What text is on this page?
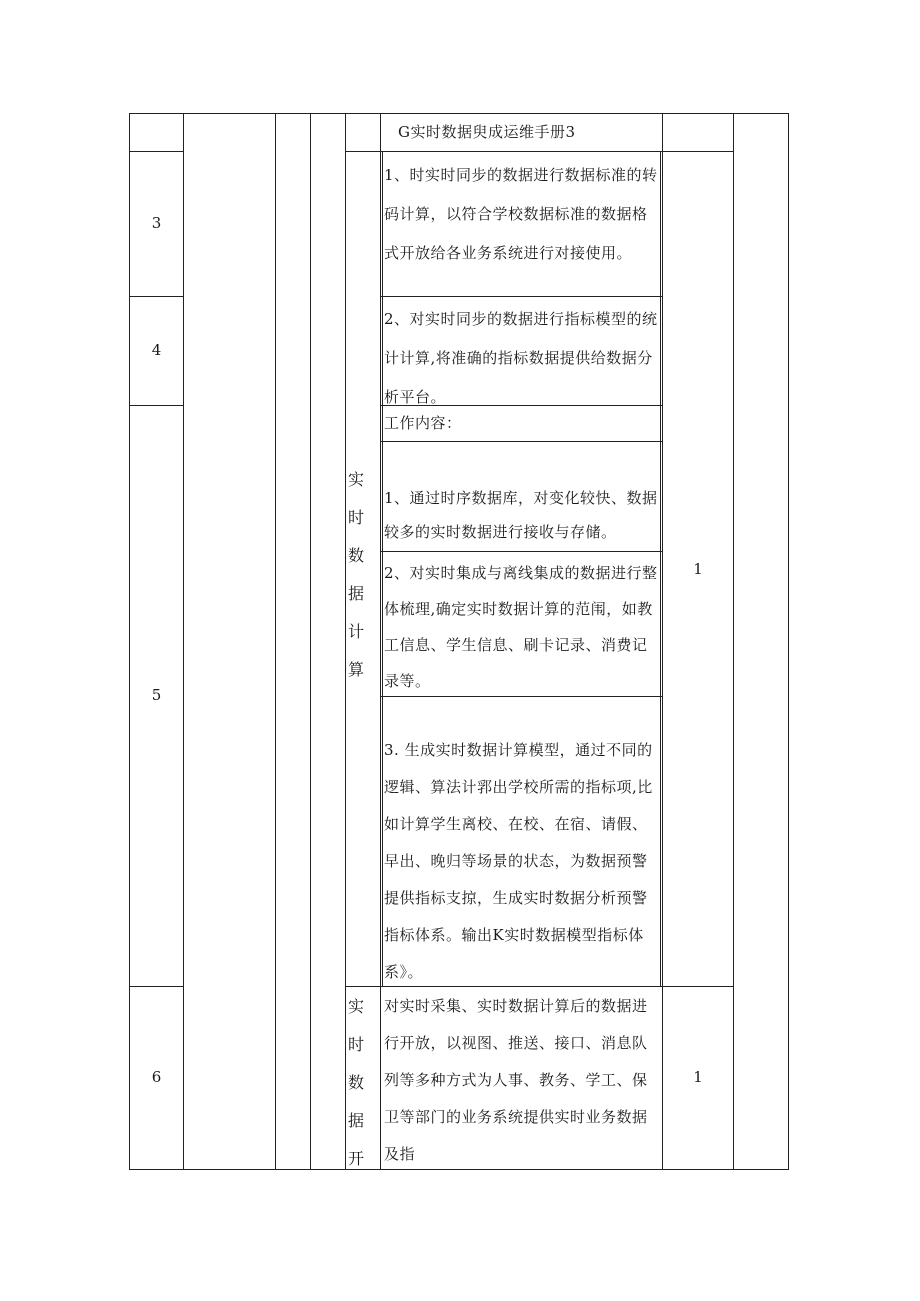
G实时数据臾成运维手册3
3
4
5
6
实时数据计算
实时数据开
1、时实时同步的数据进行数据标准的转码计算，以符合学校数据标准的数据格式开放给各业务系统进行对接使用。
2、对实时同步的数据进行指标模型的统计计算,将准确的指标数据提供给数据分析平台。
工作内容：
1、通过时序数据库，对变化较快、数据较多的实时数据进行接收与存储。
2、对实时集成与离线集成的数据进行整体梳理,确定实时数据计算的范闱，如教工信息、学生信息、刷卡记录、消费记录等。
3. 生成实时数据计算模型，通过不同的逻辑、算法计郛出学校所需的指标项,比如计算学生离校、在校、在宿、请假、早出、晚归等场景的状态，为数据预警提供指标支掠，生成实时数据分析预警指标体系。输出K实时数据模型指标体系》。
对实时采集、实时数据计算后的数据进行开放，以视图、推送、接口、消息队列等多种方式为人事、教务、学工、保卫等部门的业务系统提供实时业务数据及指
1
1
